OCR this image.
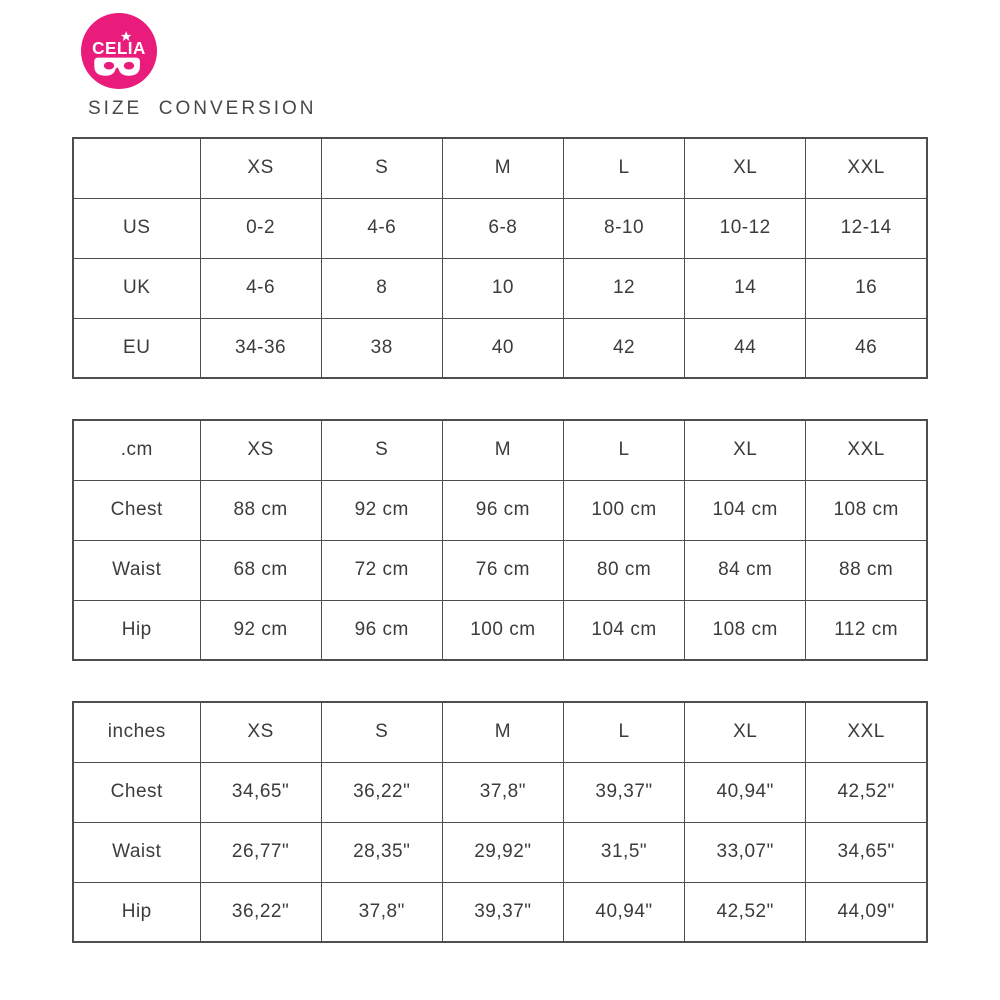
CELIA
SIZE  CONVERSION
	XS	S	M	L	XL	XXL
US	0-2	4-6	6-8	8-10	10-12	12-14
UK	4-6	8	10	12	14	16
EU	34-36	38	40	42	44	46
.cm	XS	S	M	L	XL	XXL
Chest	88 cm	92 cm	96 cm	100 cm	104 cm	108 cm
Waist	68 cm	72 cm	76 cm	80 cm	84 cm	88 cm
Hip	92 cm	96 cm	100 cm	104 cm	108 cm	112 cm
inches	XS	S	M	L	XL	XXL
Chest	34,65"	36,22"	37,8"	39,37"	40,94"	42,52"
Waist	26,77"	28,35"	29,92"	31,5"	33,07"	34,65"
Hip	36,22"	37,8"	39,37"	40,94"	42,52"	44,09"
